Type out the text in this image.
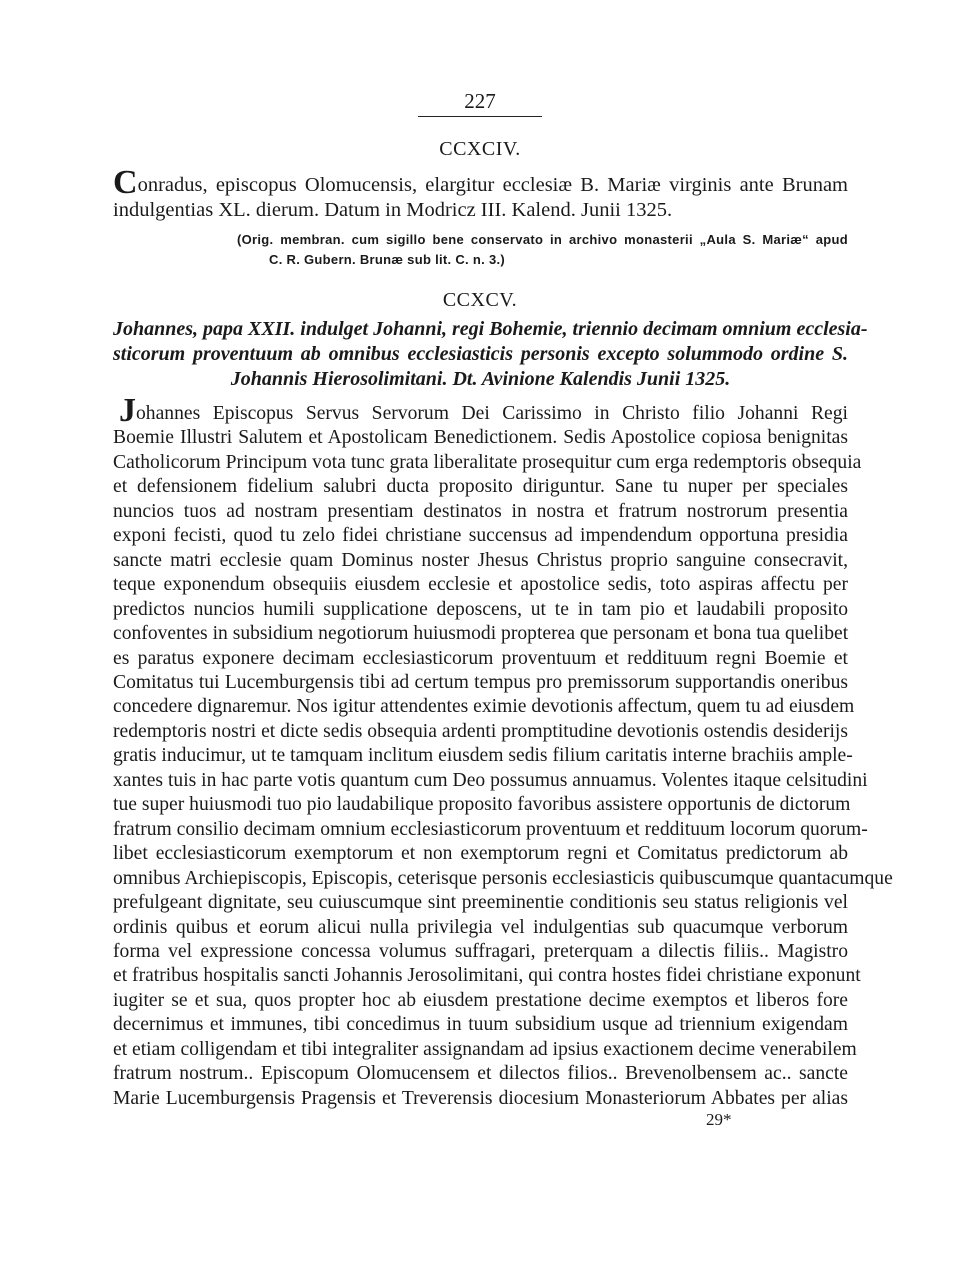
227
CCXCIV.
Conradus, episcopus Olomucensis, elargitur ecclesiæ B. Mariæ virginis ante Brunam
indulgentias XL. dierum. Datum in Modricz III. Kalend. Junii 1325.
(Orig. membran. cum sigillo bene conservato in archivo monasterii „Aula S. Mariæ“ apud
C. R. Gubern. Brunæ sub lit. C. n. 3.)
CCXCV.
Johannes, papa XXII. indulget Johanni, regi Bohemie, triennio decimam omnium ecclesia-
sticorum proventuum ab omnibus ecclesiasticis personis excepto solummodo ordine S.
Johannis Hierosolimitani. Dt. Avinione Kalendis Junii 1325.
Johannes Episcopus Servus Servorum Dei Carissimo in Christo filio Johanni Regi
Boemie Illustri Salutem et Apostolicam Benedictionem. Sedis Apostolice copiosa benignitas
Catholicorum Principum vota tunc grata liberalitate prosequitur cum erga redemptoris obsequia
et defensionem fidelium salubri ducta proposito diriguntur. Sane tu nuper per speciales
nuncios tuos ad nostram presentiam destinatos in nostra et fratrum nostrorum presentia
exponi fecisti, quod tu zelo fidei christiane succensus ad impendendum opportuna presidia
sancte matri ecclesie quam Dominus noster Jhesus Christus proprio sanguine consecravit,
teque exponendum obsequiis eiusdem ecclesie et apostolice sedis, toto aspiras affectu per
predictos nuncios humili supplicatione deposcens, ut te in tam pio et laudabili proposito
confoventes in subsidium negotiorum huiusmodi propterea que personam et bona tua quelibet
es paratus exponere decimam ecclesiasticorum proventuum et reddituum regni Boemie et
Comitatus tui Lucemburgensis tibi ad certum tempus pro premissorum supportandis oneribus
concedere dignaremur. Nos igitur attendentes eximie devotionis affectum, quem tu ad eiusdem
redemptoris nostri et dicte sedis obsequia ardenti promptitudine devotionis ostendis desiderijs
gratis inducimur, ut te tamquam inclitum eiusdem sedis filium caritatis interne brachiis ample-
xantes tuis in hac parte votis quantum cum Deo possumus annuamus. Volentes itaque celsitudini
tue super huiusmodi tuo pio laudabilique proposito favoribus assistere opportunis de dictorum
fratrum consilio decimam omnium ecclesiasticorum proventuum et reddituum locorum quorum-
libet ecclesiasticorum exemptorum et non exemptorum regni et Comitatus predictorum ab
omnibus Archiepiscopis, Episcopis, ceterisque personis ecclesiasticis quibuscumque quantacumque
prefulgeant dignitate, seu cuiuscumque sint preeminentie conditionis seu status religionis vel
ordinis quibus et eorum alicui nulla privilegia vel indulgentias sub quacumque verborum
forma vel expressione concessa volumus suffragari, preterquam a dilectis filiis.. Magistro
et fratribus hospitalis sancti Johannis Jerosolimitani, qui contra hostes fidei christiane exponunt
iugiter se et sua, quos propter hoc ab eiusdem prestatione decime exemptos et liberos fore
decernimus et immunes, tibi concedimus in tuum subsidium usque ad triennium exigendam
et etiam colligendam et tibi integraliter assignandam ad ipsius exactionem decime venerabilem
fratrum nostrum.. Episcopum Olomucensem et dilectos filios.. Brevenolbensem ac.. sancte
Marie Lucemburgensis Pragensis et Treverensis diocesium Monasteriorum Abbates per alias
29*
